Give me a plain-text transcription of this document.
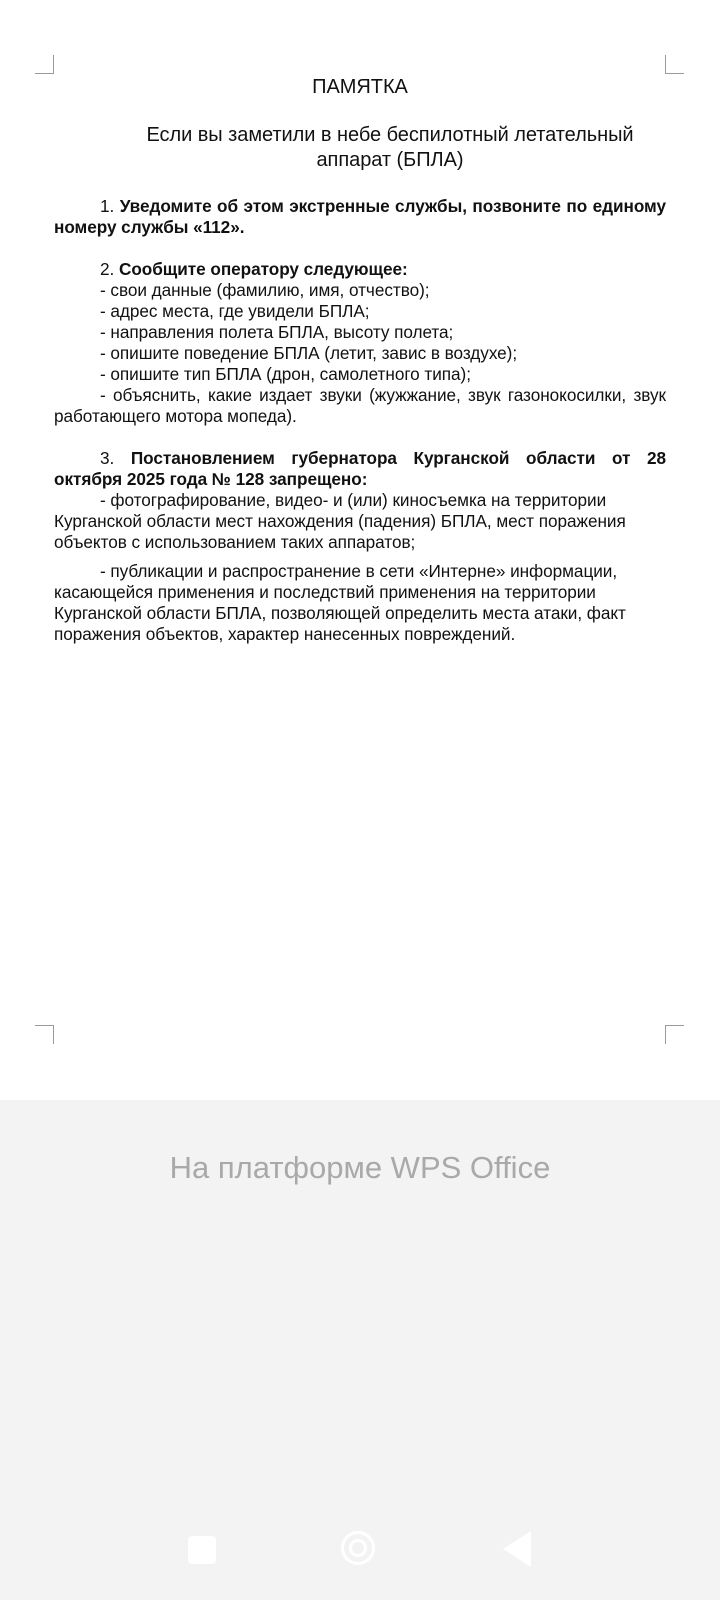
ПАМЯТКА
Если вы заметили в небе беспилотный летательный аппарат (БПЛА)
1. Уведомите об этом экстренные службы, позвоните по единому номеру службы «112».
2. Сообщите оператору следующее:
- свои данные (фамилию, имя, отчество);
- адрес места, где увидели БПЛА;
- направления полета БПЛА, высоту полета;
- опишите поведение БПЛА (летит, завис в воздухе);
- опишите тип БПЛА (дрон, самолетного типа);
- объяснить, какие издает звуки (жужжание, звук газонокосилки, звук работающего мотора мопеда).
3. Постановлением губернатора Курганской области от 28 октября 2025 года № 128 запрещено:
- фотографирование, видео- и (или) киносъемка на территории Курганской области мест нахождения (падения) БПЛА, мест поражения объектов с использованием таких аппаратов;
- публикации и распространение в сети «Интерне» информации, касающейся применения и последствий применения на территории Курганской области БПЛА, позволяющей определить места атаки, факт поражения объектов, характер нанесенных повреждений.
На платформе WPS Office
